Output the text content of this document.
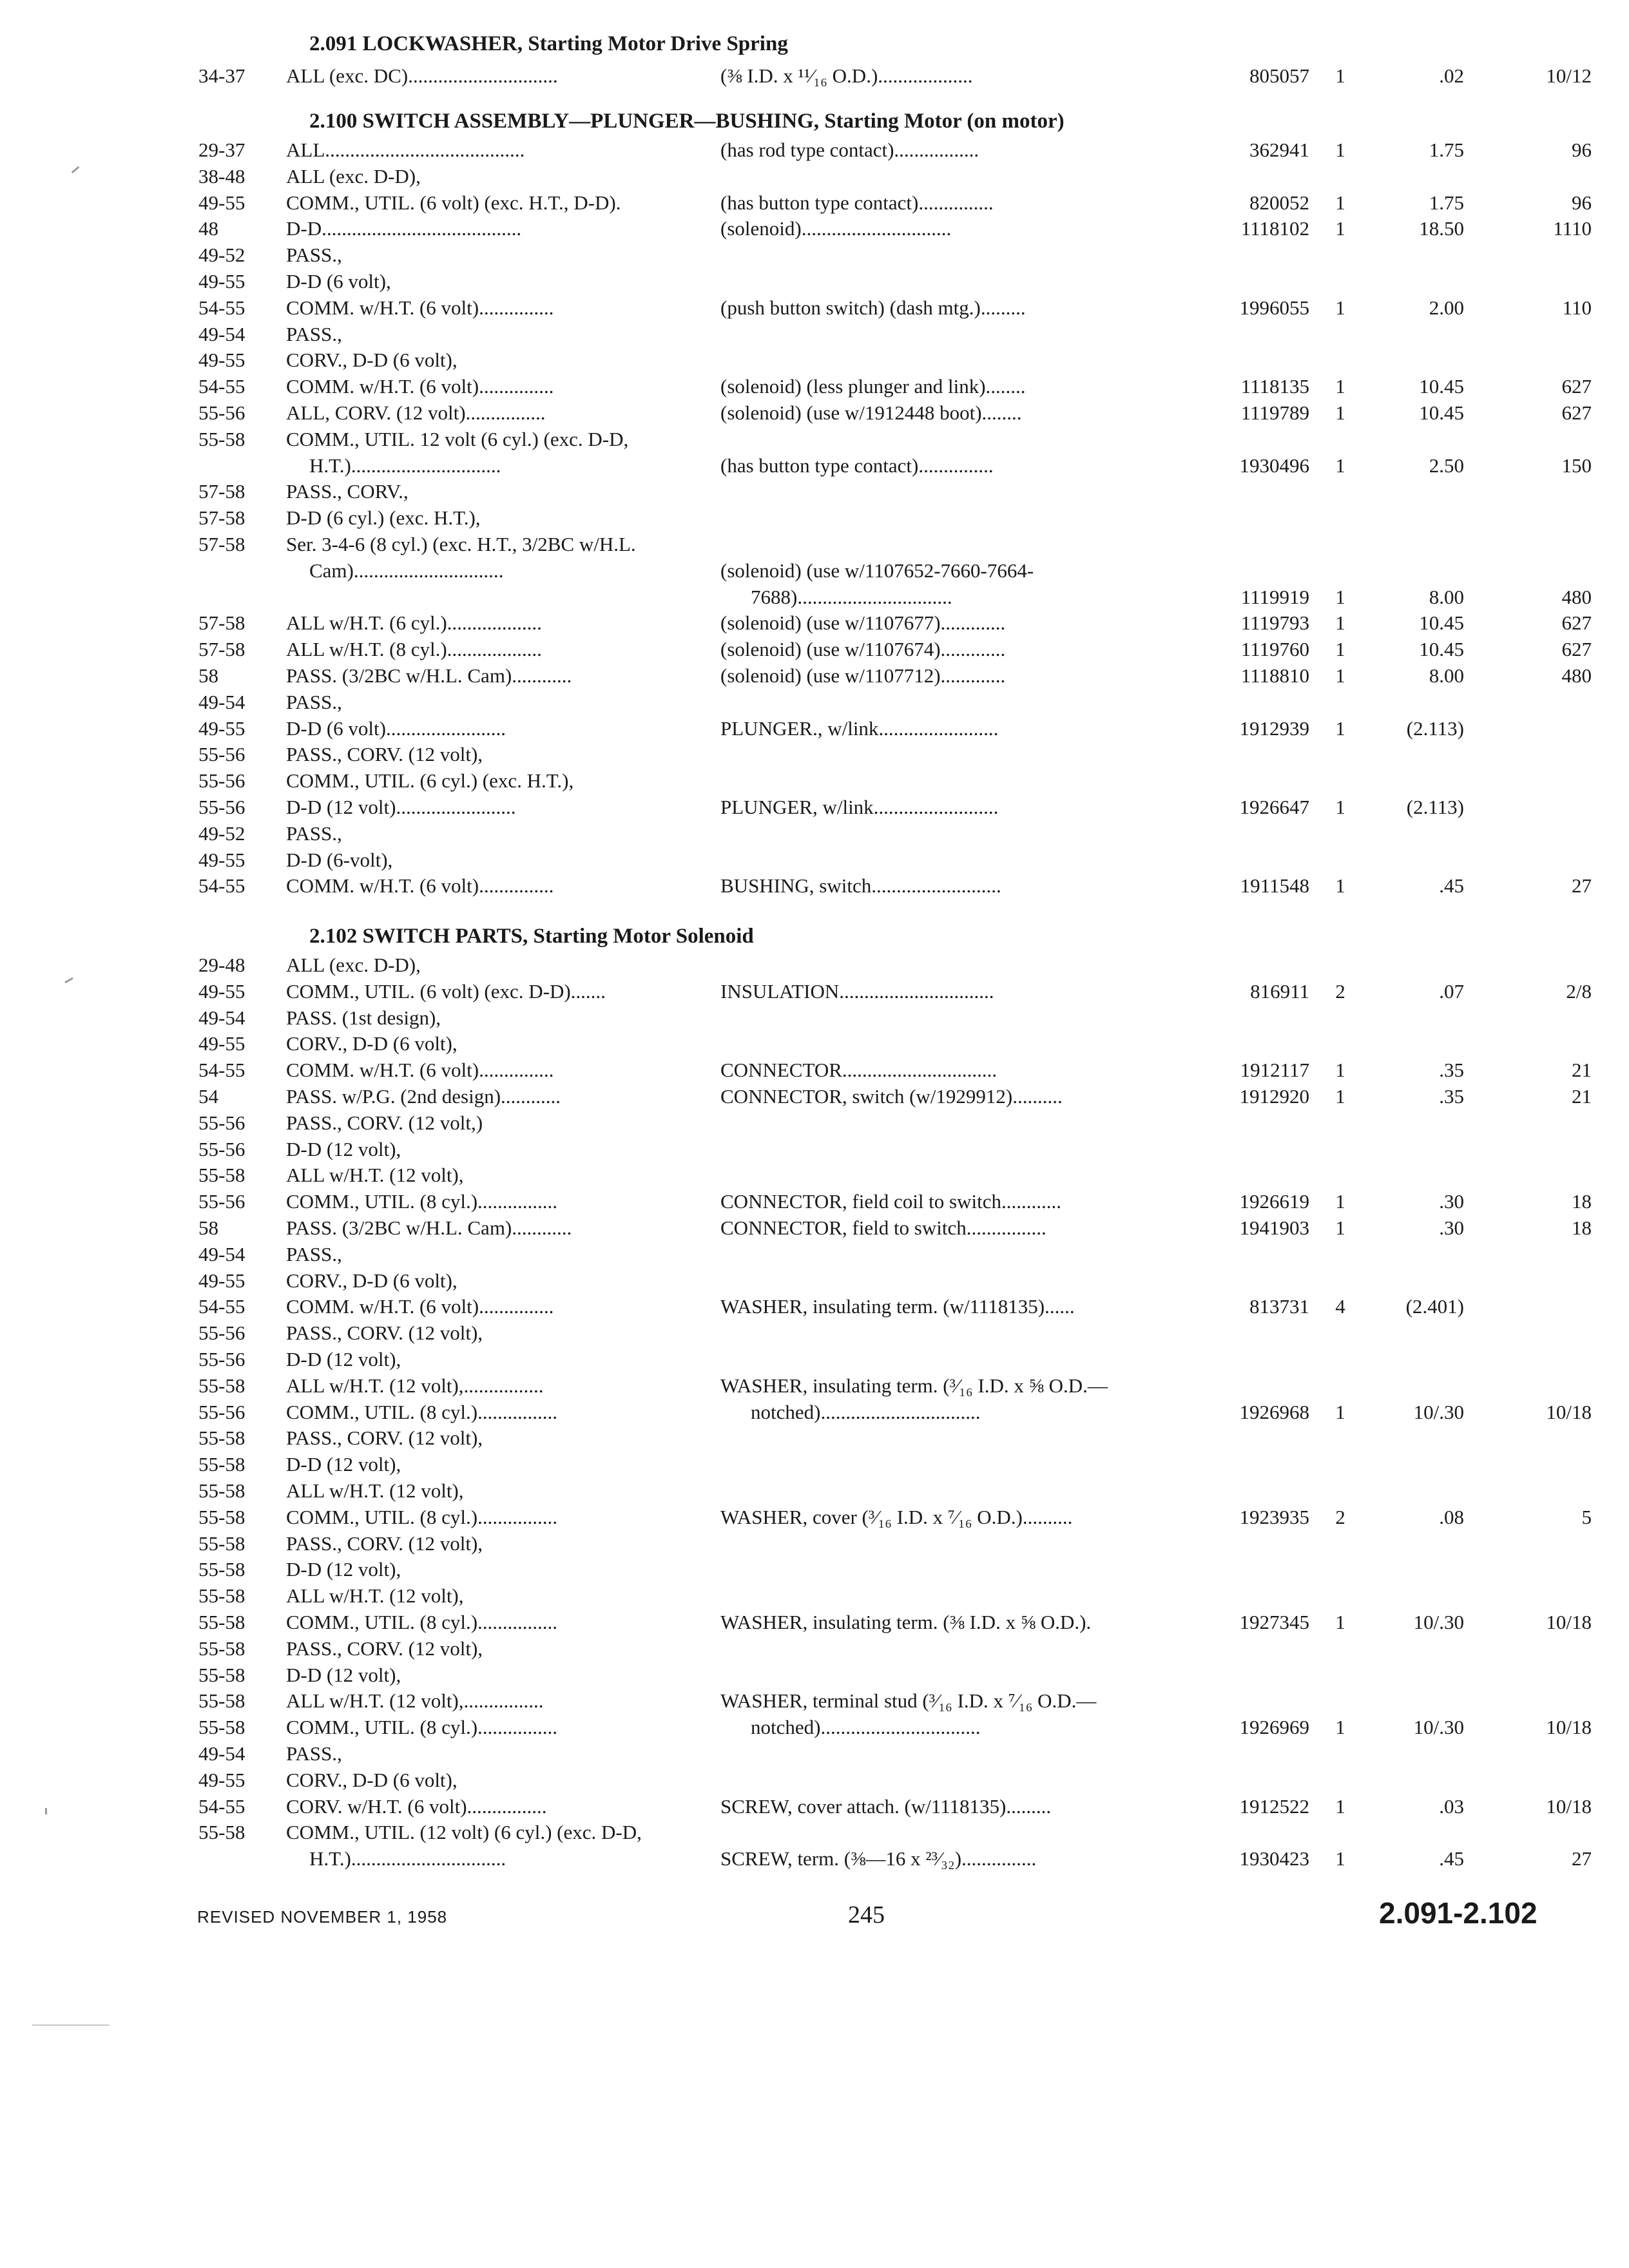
2.091 LOCKWASHER, Starting Motor Drive Spring
34-37	ALL (exc. DC)..............................	(⅜ I.D. x ¹¹⁄₁₆ O.D.)...................	805057	1	.02	10/12
2.100 SWITCH ASSEMBLY—PLUNGER—BUSHING, Starting Motor (on motor)
29-37	ALL........................................	(has rod type contact).................	362941	1	1.75	96
38-48	ALL (exc. D-D),
49-55	COMM., UTIL. (6 volt) (exc. H.T., D-D).	(has button type contact)...............	820052	1	1.75	96
48	D-D........................................	(solenoid)..............................	1118102	1	18.50	1110
49-52	PASS.,
49-55	D-D (6 volt),
54-55	COMM. w/H.T. (6 volt)...............	(push button switch) (dash mtg.).........	1996055	1	2.00	110
49-54	PASS.,
49-55	CORV., D-D (6 volt),
54-55	COMM. w/H.T. (6 volt)...............	(solenoid) (less plunger and link)........	1118135	1	10.45	627
55-56	ALL, CORV. (12 volt)................	(solenoid) (use w/1912448 boot)........	1119789	1	10.45	627
55-58	COMM., UTIL. 12 volt (6 cyl.) (exc. D-D,
H.T.)..............................	(has button type contact)...............	1930496	1	2.50	150
57-58	PASS., CORV.,
57-58	D-D (6 cyl.) (exc. H.T.),
57-58	Ser. 3-4-6 (8 cyl.) (exc. H.T., 3/2BC w/H.L.
Cam)..............................	(solenoid) (use w/1107652-7660-7664-
7688)...............................	1119919	1	8.00	480
57-58	ALL w/H.T. (6 cyl.)...................	(solenoid) (use w/1107677).............	1119793	1	10.45	627
57-58	ALL w/H.T. (8 cyl.)...................	(solenoid) (use w/1107674).............	1119760	1	10.45	627
58	PASS. (3/2BC w/H.L. Cam)............	(solenoid) (use w/1107712).............	1118810	1	8.00	480
49-54	PASS.,
49-55	D-D (6 volt)........................	PLUNGER., w/link........................	1912939	1	(2.113)
55-56	PASS., CORV. (12 volt),
55-56	COMM., UTIL. (6 cyl.) (exc. H.T.),
55-56	D-D (12 volt)........................	PLUNGER, w/link.........................	1926647	1	(2.113)
49-52	PASS.,
49-55	D-D (6-volt),
54-55	COMM. w/H.T. (6 volt)...............	BUSHING, switch..........................	1911548	1	.45	27
2.102 SWITCH PARTS, Starting Motor Solenoid
29-48	ALL (exc. D-D),
49-55	COMM., UTIL. (6 volt) (exc. D-D).......	INSULATION...............................	816911	2	.07	2/8
49-54	PASS. (1st design),
49-55	CORV., D-D (6 volt),
54-55	COMM. w/H.T. (6 volt)...............	CONNECTOR...............................	1912117	1	.35	21
54	PASS. w/P.G. (2nd design)............	CONNECTOR, switch (w/1929912)..........	1912920	1	.35	21
55-56	PASS., CORV. (12 volt,)
55-56	D-D (12 volt),
55-58	ALL w/H.T. (12 volt),
55-56	COMM., UTIL. (8 cyl.)................	CONNECTOR, field coil to switch............	1926619	1	.30	18
58	PASS. (3/2BC w/H.L. Cam)............	CONNECTOR, field to switch................	1941903	1	.30	18
49-54	PASS.,
49-55	CORV., D-D (6 volt),
54-55	COMM. w/H.T. (6 volt)...............	WASHER, insulating term. (w/1118135)......	813731	4	(2.401)
55-56	PASS., CORV. (12 volt),
55-56	D-D (12 volt),
55-58	ALL w/H.T. (12 volt),................	WASHER, insulating term. (³⁄₁₆ I.D. x ⅝ O.D.—
55-56	COMM., UTIL. (8 cyl.)................	notched)................................	1926968	1	10/.30	10/18
55-58	PASS., CORV. (12 volt),
55-58	D-D (12 volt),
55-58	ALL w/H.T. (12 volt),
55-58	COMM., UTIL. (8 cyl.)................	WASHER, cover (³⁄₁₆ I.D. x ⁷⁄₁₆ O.D.)..........	1923935	2	.08	5
55-58	PASS., CORV. (12 volt),
55-58	D-D (12 volt),
55-58	ALL w/H.T. (12 volt),
55-58	COMM., UTIL. (8 cyl.)................	WASHER, insulating term. (⅜ I.D. x ⅝ O.D.).	1927345	1	10/.30	10/18
55-58	PASS., CORV. (12 volt),
55-58	D-D (12 volt),
55-58	ALL w/H.T. (12 volt),................	WASHER, terminal stud (³⁄₁₆ I.D. x ⁷⁄₁₆ O.D.—
55-58	COMM., UTIL. (8 cyl.)................	notched)................................	1926969	1	10/.30	10/18
49-54	PASS.,
49-55	CORV., D-D (6 volt),
54-55	CORV. w/H.T. (6 volt)................	SCREW, cover attach. (w/1118135).........	1912522	1	.03	10/18
55-58	COMM., UTIL. (12 volt) (6 cyl.) (exc. D-D,
H.T.)...............................	SCREW, term. (⅜—16 x ²³⁄₃₂)...............	1930423	1	.45	27
REVISED NOVEMBER 1, 1958	245	2.091-2.102
